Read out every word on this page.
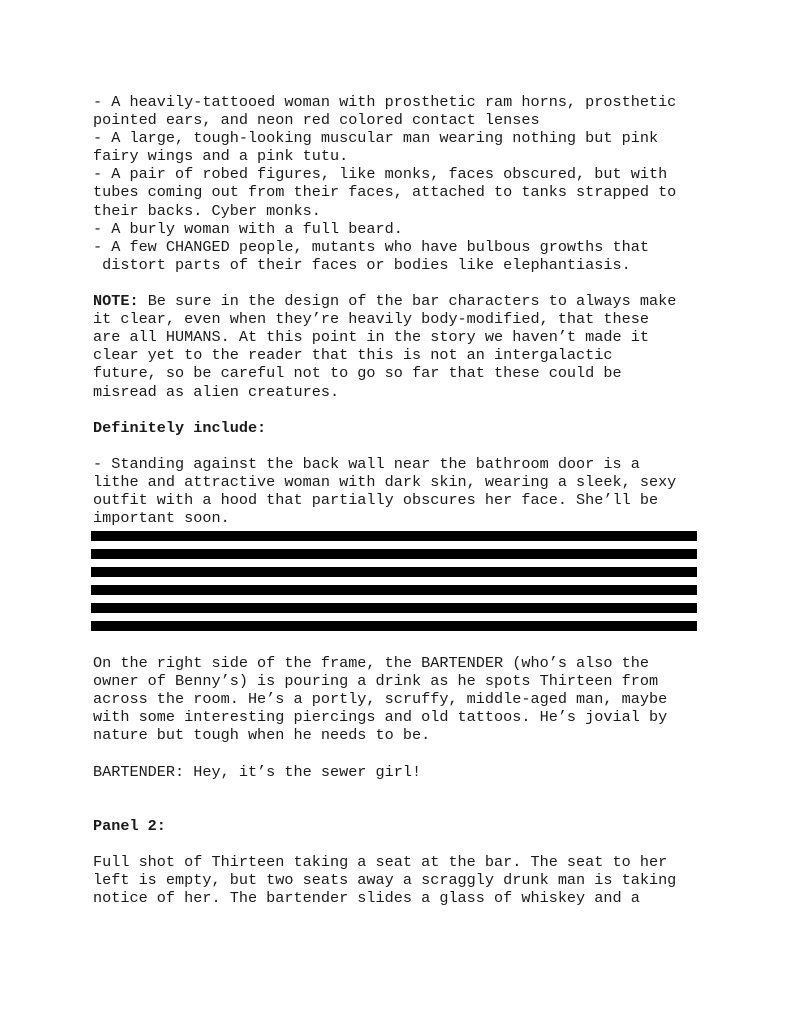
- A heavily-tattooed woman with prosthetic ram horns, prosthetic
pointed ears, and neon red colored contact lenses
- A large, tough-looking muscular man wearing nothing but pink
fairy wings and a pink tutu.
- A pair of robed figures, like monks, faces obscured, but with
tubes coming out from their faces, attached to tanks strapped to
their backs. Cyber monks.
- A burly woman with a full beard.
- A few CHANGED people, mutants who have bulbous growths that
distort parts of their faces or bodies like elephantiasis.
NOTE: Be sure in the design of the bar characters to always make
it clear, even when they’re heavily body-modified, that these
are all HUMANS. At this point in the story we haven’t made it
clear yet to the reader that this is not an intergalactic
future, so be careful not to go so far that these could be
misread as alien creatures.
Definitely include:
- Standing against the back wall near the bathroom door is a
lithe and attractive woman with dark skin, wearing a sleek, sexy
outfit with a hood that partially obscures her face. She’ll be
important soon.
On the right side of the frame, the BARTENDER (who’s also the
owner of Benny’s) is pouring a drink as he spots Thirteen from
across the room. He’s a portly, scruffy, middle-aged man, maybe
with some interesting piercings and old tattoos. He’s jovial by
nature but tough when he needs to be.
BARTENDER: Hey, it’s the sewer girl!
Panel 2:
Full shot of Thirteen taking a seat at the bar. The seat to her
left is empty, but two seats away a scraggly drunk man is taking
notice of her. The bartender slides a glass of whiskey and a
